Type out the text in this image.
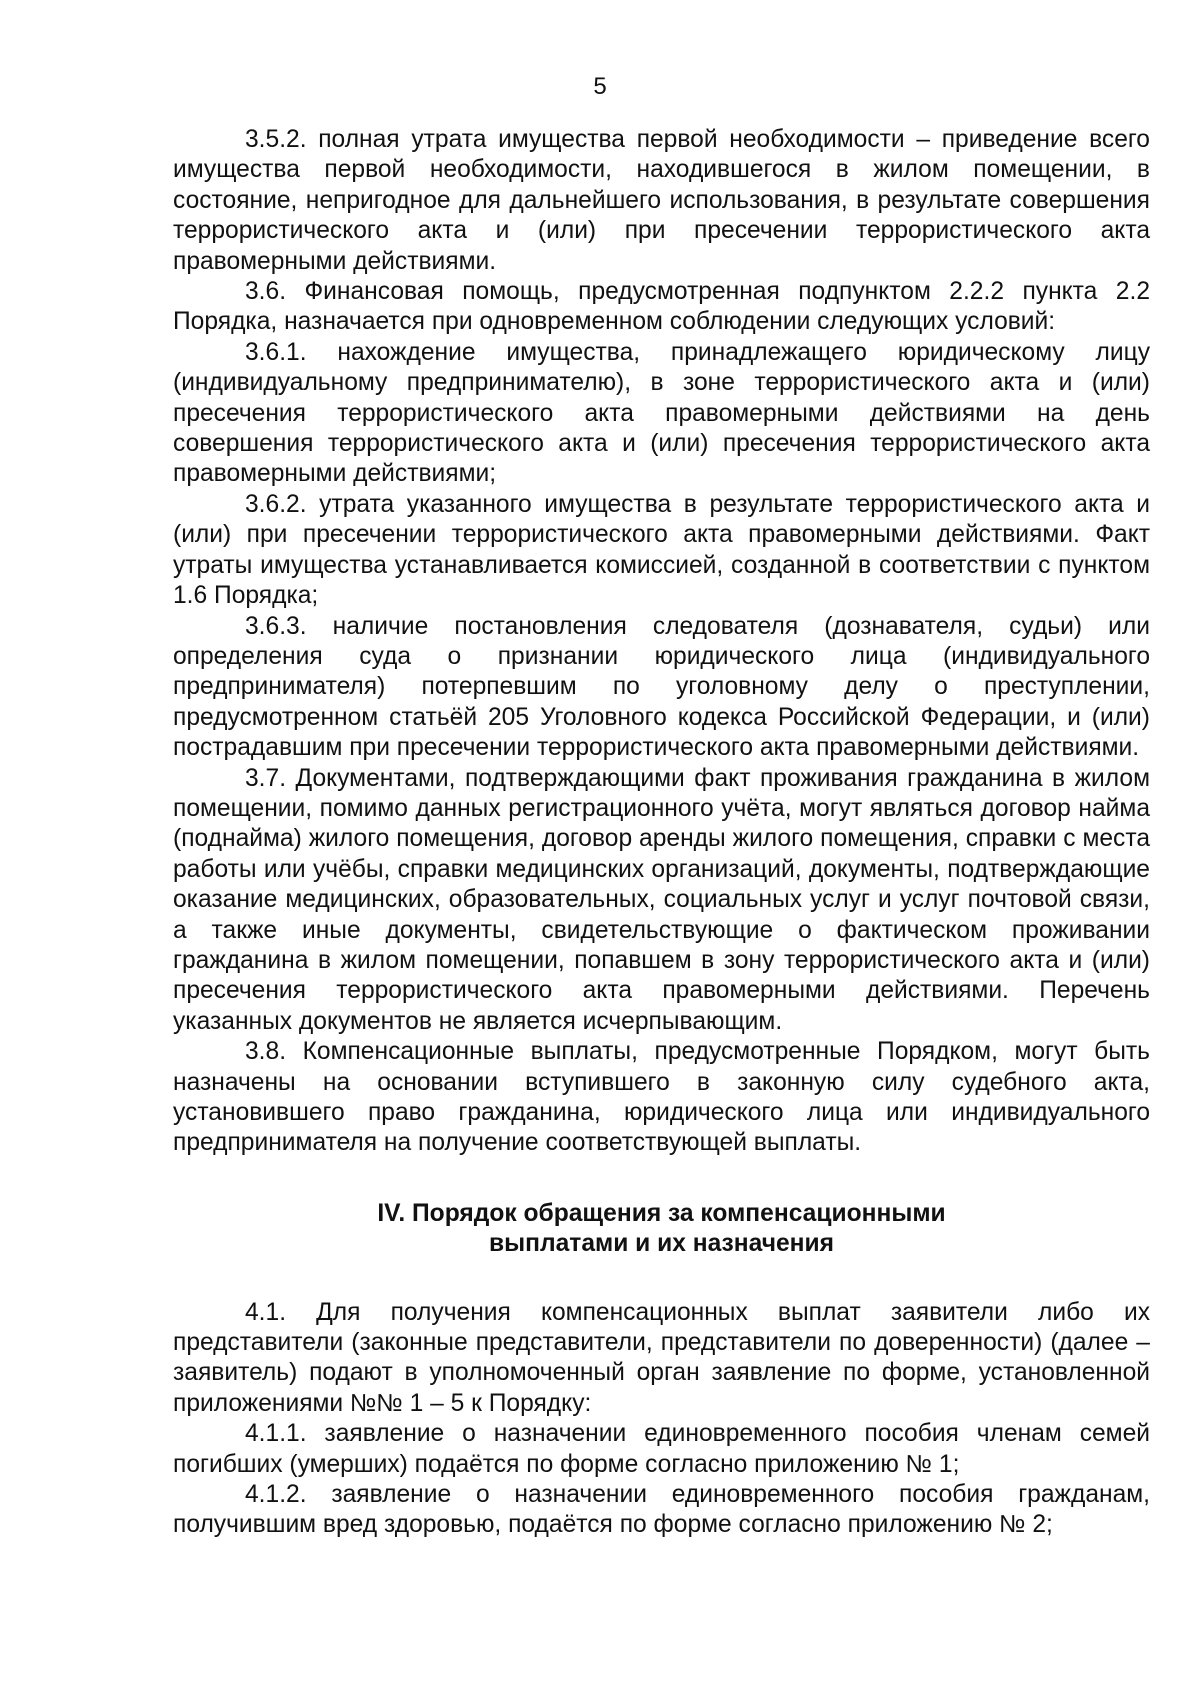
5

3.5.2. полная утрата имущества первой необходимости – приведение всего имущества первой необходимости, находившегося в жилом помещении, в состояние, непригодное для дальнейшего использования, в результате совершения террористического акта и (или) при пресечении террористического акта правомерными действиями.

3.6. Финансовая помощь, предусмотренная подпунктом 2.2.2 пункта 2.2 Порядка, назначается при одновременном соблюдении следующих условий:

3.6.1. нахождение имущества, принадлежащего юридическому лицу (индивидуальному предпринимателю), в зоне террористического акта и (или) пресечения террористического акта правомерными действиями на день совершения террористического акта и (или) пресечения террористического акта правомерными действиями;

3.6.2. утрата указанного имущества в результате террористического акта и (или) при пресечении террористического акта правомерными действиями. Факт утраты имущества устанавливается комиссией, созданной в соответствии с пунктом 1.6 Порядка;

3.6.3. наличие постановления следователя (дознавателя, судьи) или определения суда о признании юридического лица (индивидуального предпринимателя) потерпевшим по уголовному делу о преступлении, предусмотренном статьёй 205 Уголовного кодекса Российской Федерации, и (или) пострадавшим при пресечении террористического акта правомерными действиями.

3.7. Документами, подтверждающими факт проживания гражданина в жилом помещении, помимо данных регистрационного учёта, могут являться договор найма (поднайма) жилого помещения, договор аренды жилого помещения, справки с места работы или учёбы, справки медицинских организаций, документы, подтверждающие оказание медицинских, образовательных, социальных услуг и услуг почтовой связи, а также иные документы, свидетельствующие о фактическом проживании гражданина в жилом помещении, попавшем в зону террористического акта и (или) пресечения террористического акта правомерными действиями. Перечень указанных документов не является исчерпывающим.

3.8. Компенсационные выплаты, предусмотренные Порядком, могут быть назначены на основании вступившего в законную силу судебного акта, установившего право гражданина, юридического лица или индивидуального предпринимателя на получение соответствующей выплаты.

IV. Порядок обращения за компенсационными
выплатами и их назначения

4.1. Для получения компенсационных выплат заявители либо их представители (законные представители, представители по доверенности) (далее – заявитель) подают в уполномоченный орган заявление по форме, установленной приложениями №№ 1 – 5 к Порядку:

4.1.1. заявление о назначении единовременного пособия членам семей погибших (умерших) подаётся по форме согласно приложению № 1;

4.1.2. заявление о назначении единовременного пособия гражданам, получившим вред здоровью, подаётся по форме согласно приложению № 2;
